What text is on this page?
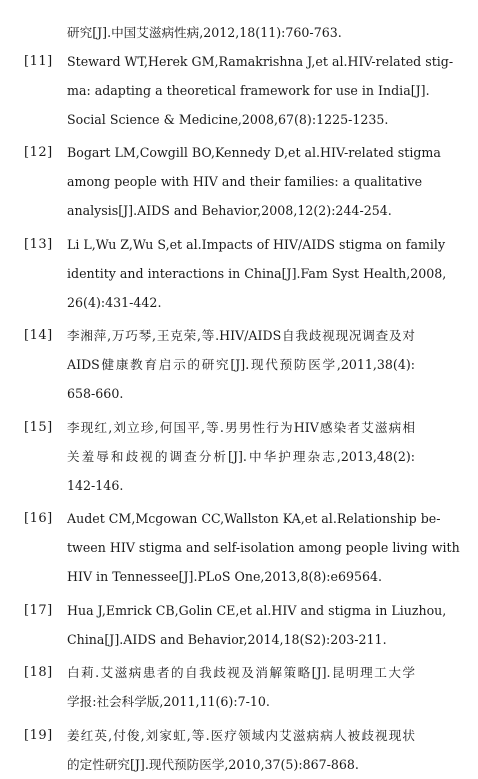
研究[J].中国艾滋病性病,2012,18(11):760-763.
[11] Steward WT,Herek GM,Ramakrishna J,et al.HIV-related stig-
ma: adapting a theoretical framework for use in India[J].
Social Science & Medicine,2008,67(8):1225-1235.
[12] Bogart LM,Cowgill BO,Kennedy D,et al.HIV-related stigma
among people with HIV and their families: a qualitative
analysis[J].AIDS and Behavior,2008,12(2):244-254.
[13] Li L,Wu Z,Wu S,et al.Impacts of HIV/AIDS stigma on family
identity and interactions in China[J].Fam Syst Health,2008,
26(4):431-442.
[14] 李湘萍,万巧琴,王克荣,等.HIV/AIDS自我歧视现况调查及对
AIDS健康教育启示的研究[J].现代预防医学,2011,38(4):
658-660.
[15] 李现红,刘立珍,何国平,等.男男性行为HIV感染者艾滋病相
关羞辱和歧视的调查分析[J].中华护理杂志,2013,48(2):
142-146.
[16] Audet CM,Mcgowan CC,Wallston KA,et al.Relationship be-
tween HIV stigma and self-isolation among people living with
HIV in Tennessee[J].PLoS One,2013,8(8):e69564.
[17] Hua J,Emrick CB,Golin CE,et al.HIV and stigma in Liuzhou,
China[J].AIDS and Behavior,2014,18(S2):203-211.
[18] 白莉.艾滋病患者的自我歧视及消解策略[J].昆明理工大学
学报:社会科学版,2011,11(6):7-10.
[19] 姜红英,付俊,刘家虹,等.医疗领域内艾滋病病人被歧视现状
的定性研究[J].现代预防医学,2010,37(5):867-868.
